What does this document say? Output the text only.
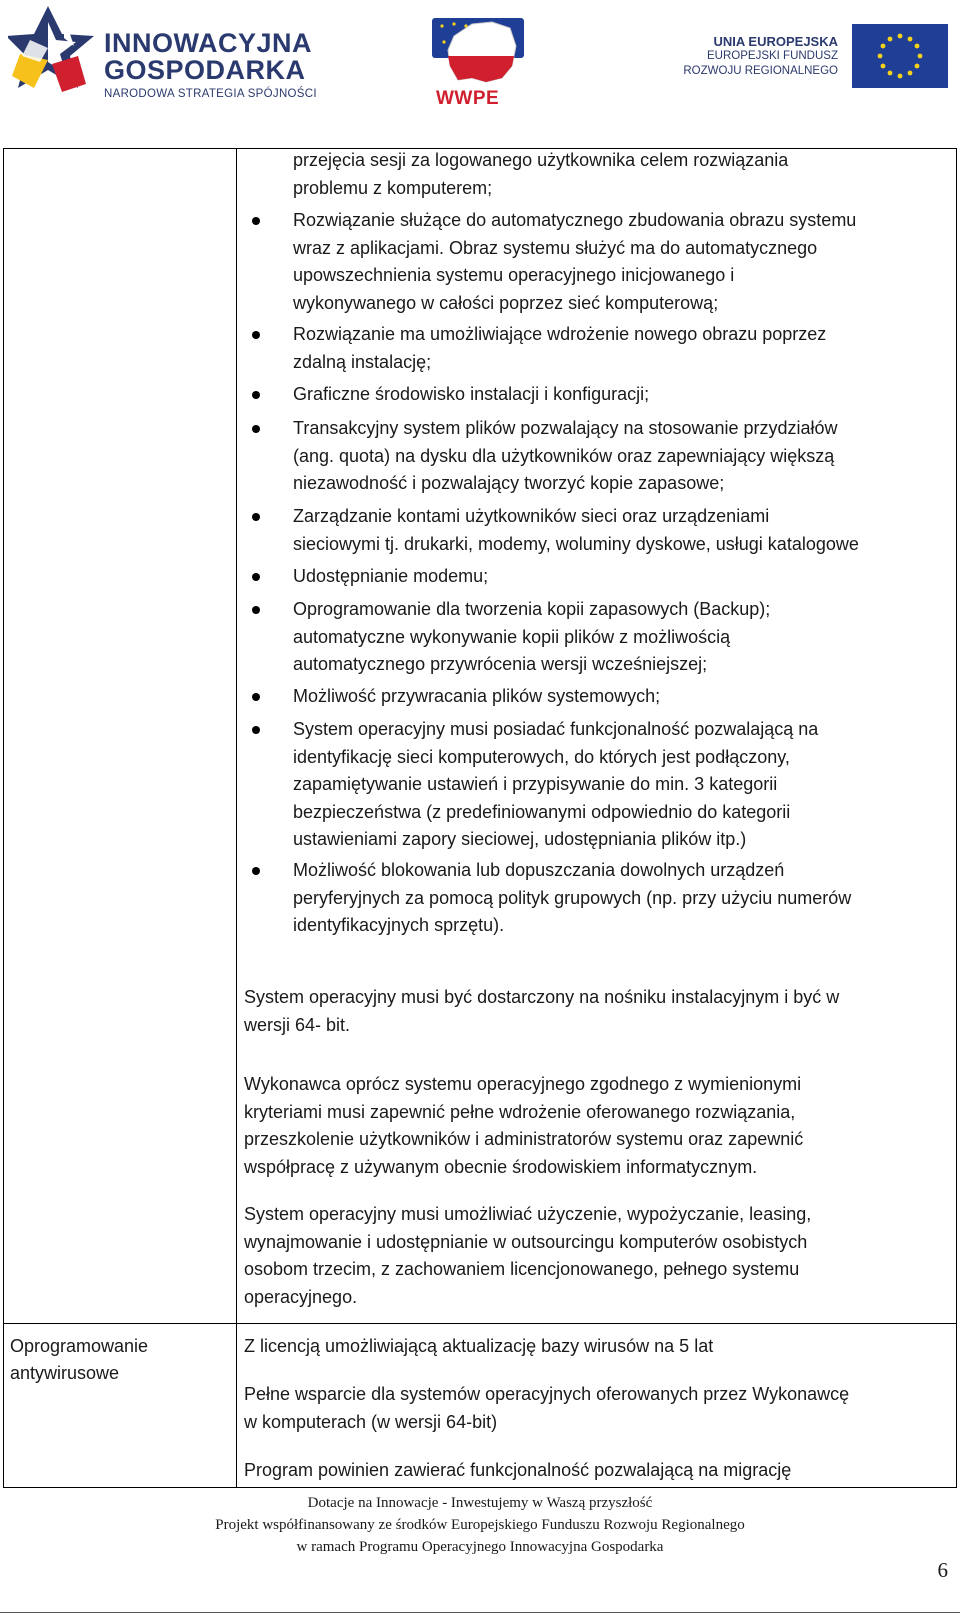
INNOWACYJNA
GOSPODARKA
NARODOWA STRATEGIA SPÓJNOŚCI	WWPE
UNIA EUROPEJSKA
EUROPEJSKI FUNDUSZ
ROZWOJU REGIONALNEGO
Oprogramowanie
antywirusowe
przejęcia sesji za logowanego użytkownika celem rozwiązania
problemu z komputerem;
Rozwiązanie służące do automatycznego zbudowania obrazu systemu
wraz z aplikacjami. Obraz systemu służyć ma do automatycznego
upowszechnienia systemu operacyjnego inicjowanego i
wykonywanego w całości poprzez sieć komputerową;
Rozwiązanie ma umożliwiające wdrożenie nowego obrazu poprzez
zdalną instalację;
Graficzne środowisko instalacji i konfiguracji;
Transakcyjny system plików pozwalający na stosowanie przydziałów
(ang. quota) na dysku dla użytkowników oraz zapewniający większą
niezawodność i pozwalający tworzyć kopie zapasowe;
Zarządzanie kontami użytkowników sieci oraz urządzeniami
sieciowymi tj. drukarki, modemy, woluminy dyskowe, usługi katalogowe
Udostępnianie modemu;
Oprogramowanie dla tworzenia kopii zapasowych (Backup);
automatyczne wykonywanie kopii plików z możliwością
automatycznego przywrócenia wersji wcześniejszej;
Możliwość przywracania plików systemowych;
System operacyjny musi posiadać funkcjonalność pozwalającą na
identyfikację sieci komputerowych, do których jest podłączony,
zapamiętywanie ustawień i przypisywanie do min. 3 kategorii
bezpieczeństwa (z predefiniowanymi odpowiednio do kategorii
ustawieniami zapory sieciowej, udostępniania plików itp.)
Możliwość blokowania lub dopuszczania dowolnych urządzeń
peryferyjnych za pomocą polityk grupowych (np. przy użyciu numerów
identyfikacyjnych sprzętu).
System operacyjny musi być dostarczony na nośniku instalacyjnym i być w
wersji 64- bit.
Wykonawca oprócz systemu operacyjnego zgodnego z wymienionymi
kryteriami musi zapewnić pełne wdrożenie oferowanego rozwiązania,
przeszkolenie użytkowników i administratorów systemu oraz zapewnić
współpracę z używanym obecnie środowiskiem informatycznym.
System operacyjny musi umożliwiać użyczenie, wypożyczanie, leasing,
wynajmowanie i udostępnianie w outsourcingu komputerów osobistych
osobom trzecim, z zachowaniem licencjonowanego, pełnego systemu
operacyjnego.
Z licencją umożliwiającą aktualizację bazy wirusów na 5 lat
Pełne wsparcie dla systemów operacyjnych oferowanych przez Wykonawcę
w komputerach (w wersji 64-bit)
Program powinien zawierać funkcjonalność pozwalającą na migrację
Dotacje na Innowacje - Inwestujemy w Waszą przyszłość
Projekt współfinansowany ze środków Europejskiego Funduszu Rozwoju Regionalnego
w ramach Programu Operacyjnego Innowacyjna Gospodarka
6
